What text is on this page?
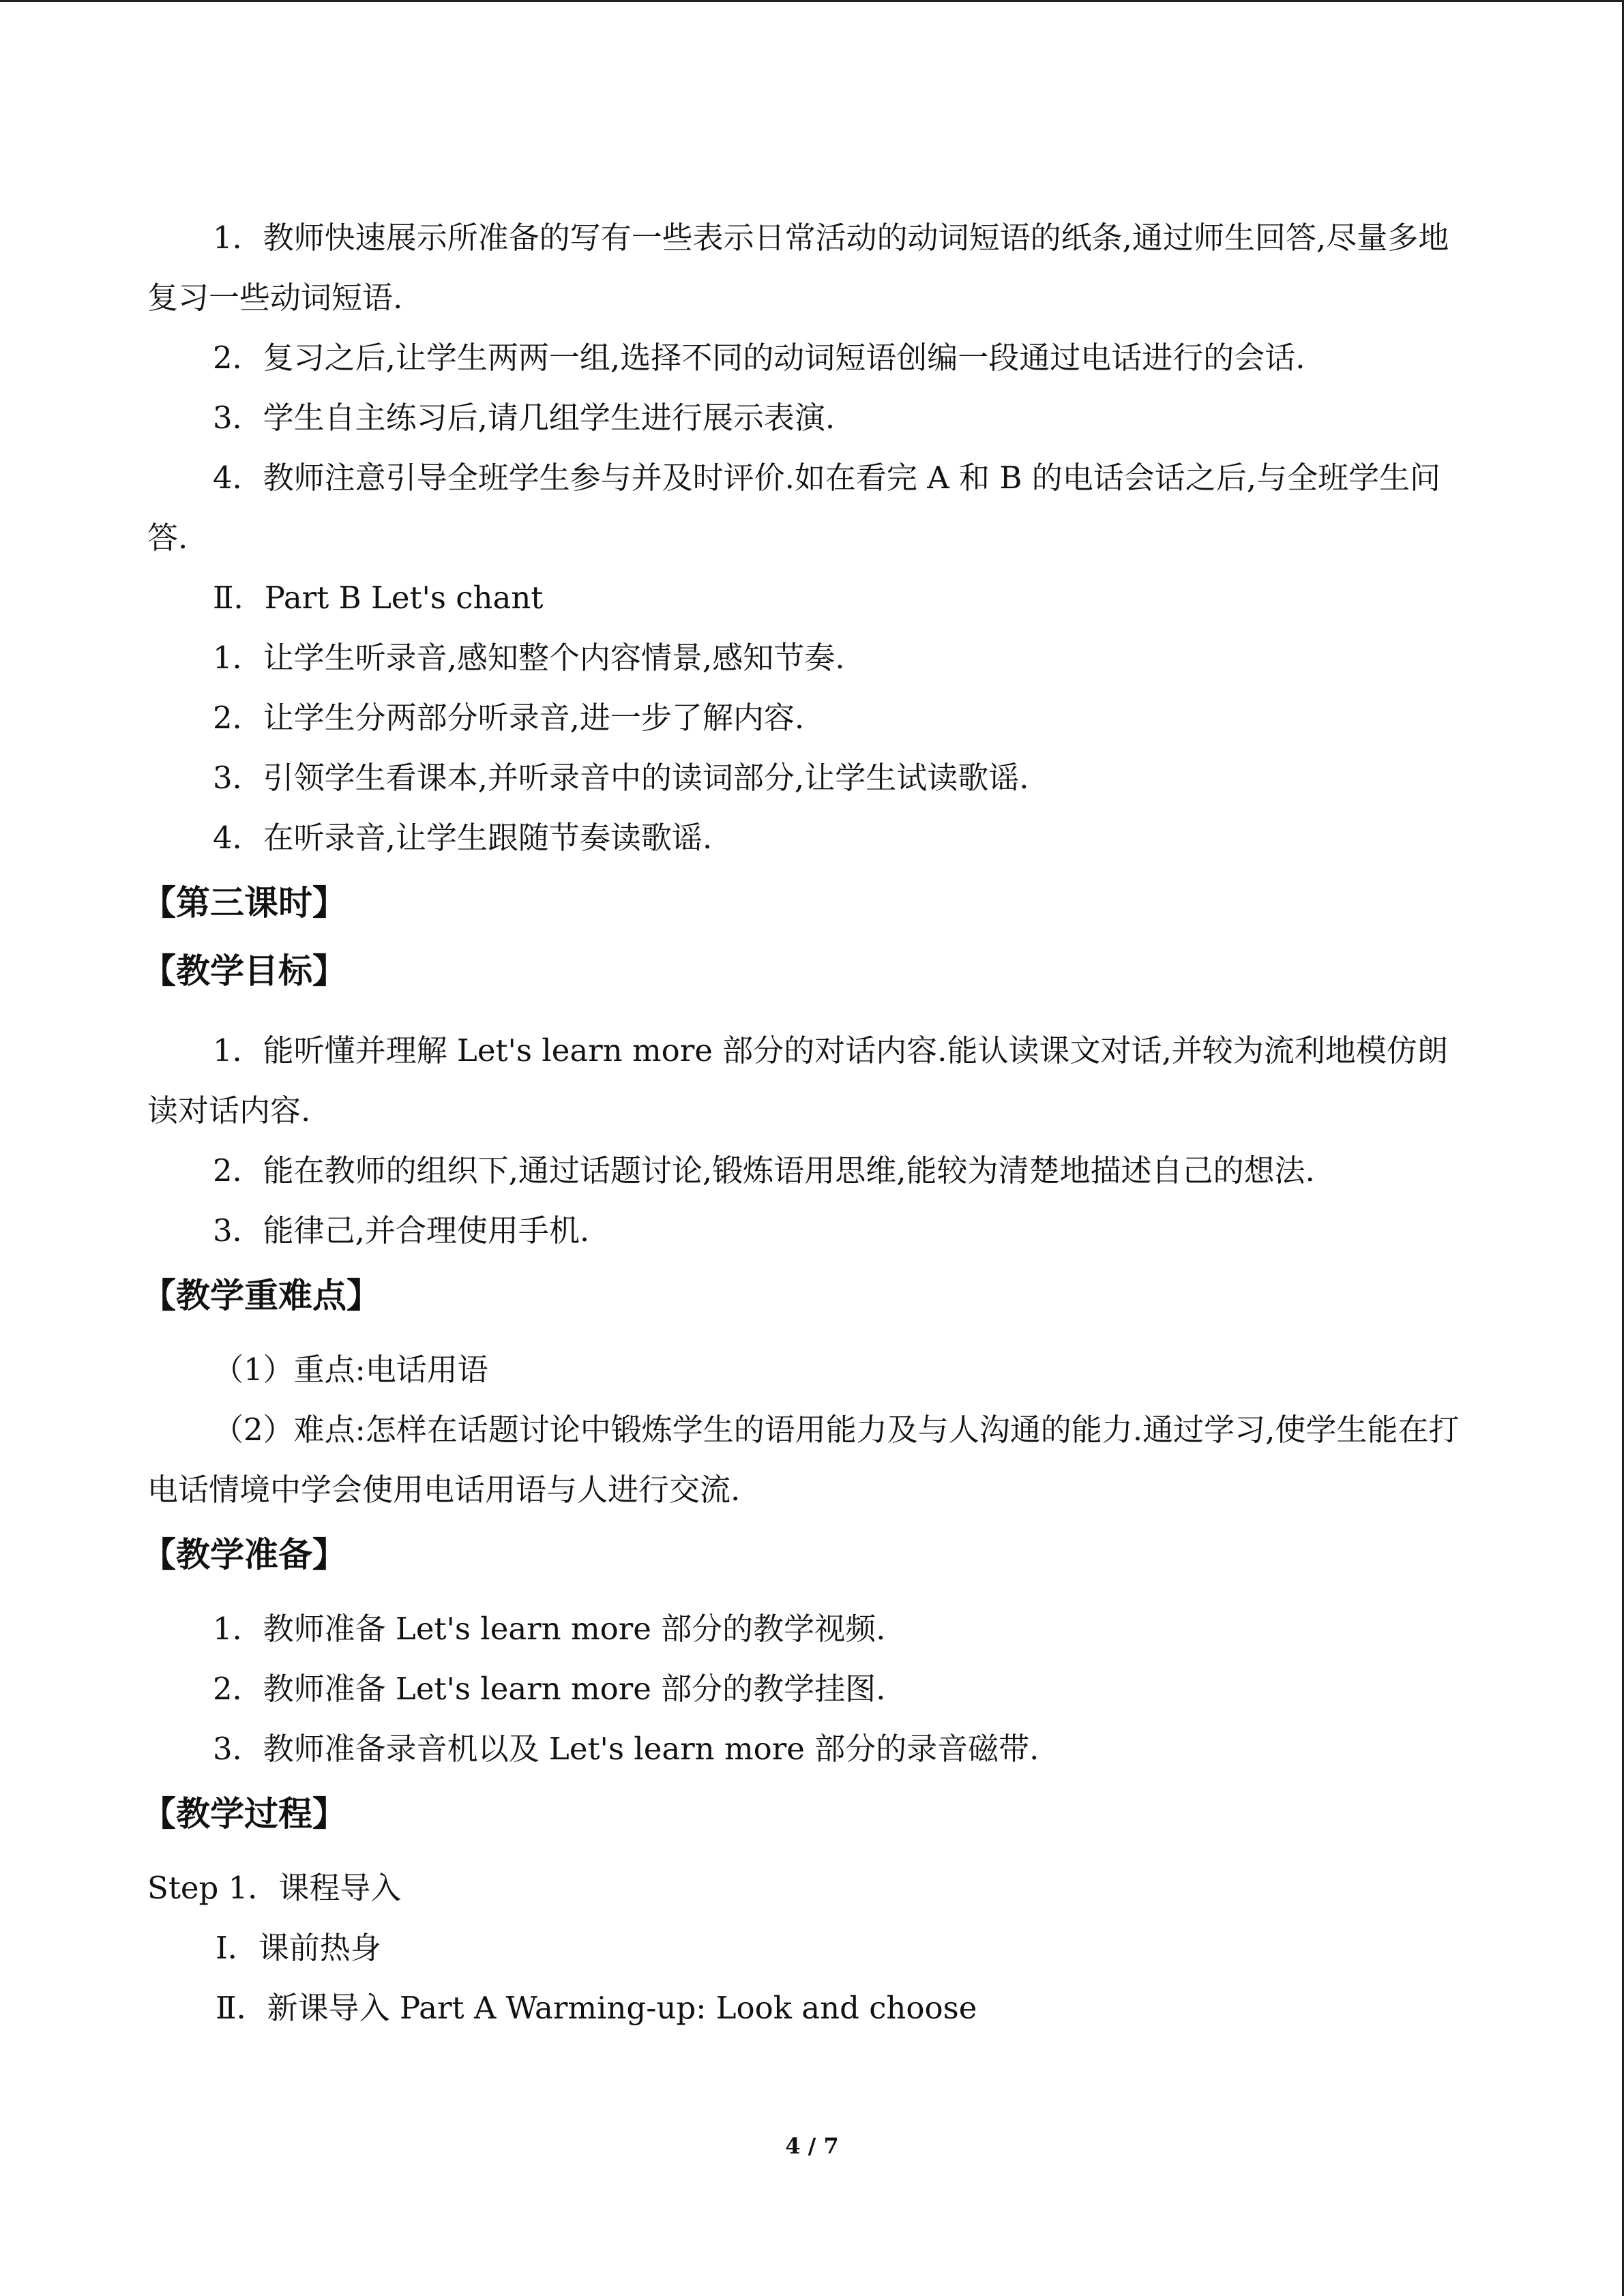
1．教师快速展示所准备的写有一些表示日常活动的动词短语的纸条,通过师生回答,尽量多地复习一些动词短语.

2．复习之后,让学生两两一组,选择不同的动词短语创编一段通过电话进行的会话.

3．学生自主练习后,请几组学生进行展示表演.

4．教师注意引导全班学生参与并及时评价.如在看完 A 和 B 的电话会话之后,与全班学生问答.

Ⅱ．Part B Let's chant

1．让学生听录音,感知整个内容情景,感知节奏.

2．让学生分两部分听录音,进一步了解内容.

3．引领学生看课本,并听录音中的读词部分,让学生试读歌谣.

4．在听录音,让学生跟随节奏读歌谣.

【第三课时】
【教学目标】

1．能听懂并理解 Let's learn more 部分的对话内容.能认读课文对话,并较为流利地模仿朗读对话内容.

2．能在教师的组织下,通过话题讨论,锻炼语用思维,能较为清楚地描述自己的想法.

3．能律己,并合理使用手机.

【教学重难点】

（1）重点:电话用语

（2）难点:怎样在话题讨论中锻炼学生的语用能力及与人沟通的能力.通过学习,使学生能在打电话情境中学会使用电话用语与人进行交流.

【教学准备】

1．教师准备 Let's learn more 部分的教学视频.

2．教师准备 Let's learn more 部分的教学挂图.

3．教师准备录音机以及 Let's learn more 部分的录音磁带.

【教学过程】

Step 1．课程导入

Ⅰ．课前热身

Ⅱ．新课导入 Part A Warming-up: Look and choose

4 / 7
